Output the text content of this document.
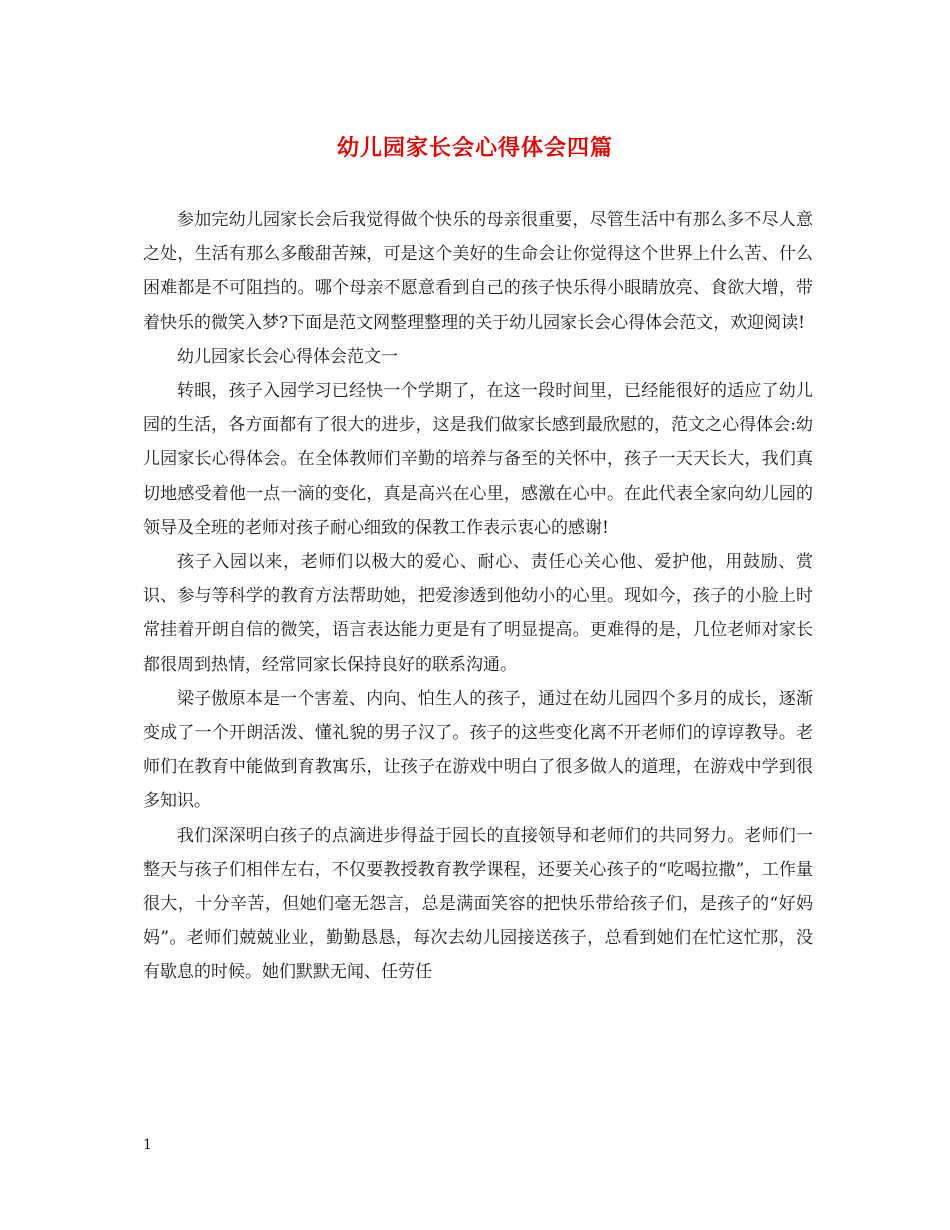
幼儿园家长会心得体会四篇

参加完幼儿园家长会后我觉得做个快乐的母亲很重要，尽管生活中有那么多不尽人意之处，生活有那么多酸甜苦辣，可是这个美好的生命会让你觉得这个世界上什么苦、什么困难都是不可阻挡的。哪个母亲不愿意看到自己的孩子快乐得小眼睛放亮、食欲大增，带着快乐的微笑入梦?下面是范文网整理整理的关于幼儿园家长会心得体会范文，欢迎阅读!

幼儿园家长会心得体会范文一

转眼，孩子入园学习已经快一个学期了，在这一段时间里，已经能很好的适应了幼儿园的生活，各方面都有了很大的进步，这是我们做家长感到最欣慰的，范文之心得体会:幼儿园家长心得体会。在全体教师们辛勤的培养与备至的关怀中，孩子一天天长大，我们真切地感受着他一点一滴的变化，真是高兴在心里，感激在心中。在此代表全家向幼儿园的领导及全班的老师对孩子耐心细致的保教工作表示衷心的感谢!

孩子入园以来，老师们以极大的爱心、耐心、责任心关心他、爱护他，用鼓励、赏识、参与等科学的教育方法帮助她，把爱渗透到他幼小的心里。现如今，孩子的小脸上时常挂着开朗自信的微笑，语言表达能力更是有了明显提高。更难得的是，几位老师对家长都很周到热情，经常同家长保持良好的联系沟通。

梁子傲原本是一个害羞、内向、怕生人的孩子，通过在幼儿园四个多月的成长，逐渐变成了一个开朗活泼、懂礼貌的男子汉了。孩子的这些变化离不开老师们的谆谆教导。老师们在教育中能做到育教寓乐，让孩子在游戏中明白了很多做人的道理，在游戏中学到很多知识。

我们深深明白孩子的点滴进步得益于园长的直接领导和老师们的共同努力。老师们一整天与孩子们相伴左右，不仅要教授教育教学课程，还要关心孩子的“吃喝拉撒”，工作量很大，十分辛苦，但她们毫无怨言，总是满面笑容的把快乐带给孩子们，是孩子的“好妈妈”。老师们兢兢业业，勤勤恳恳，每次去幼儿园接送孩子，总看到她们在忙这忙那，没有歇息的时候。她们默默无闻、任劳任

1
